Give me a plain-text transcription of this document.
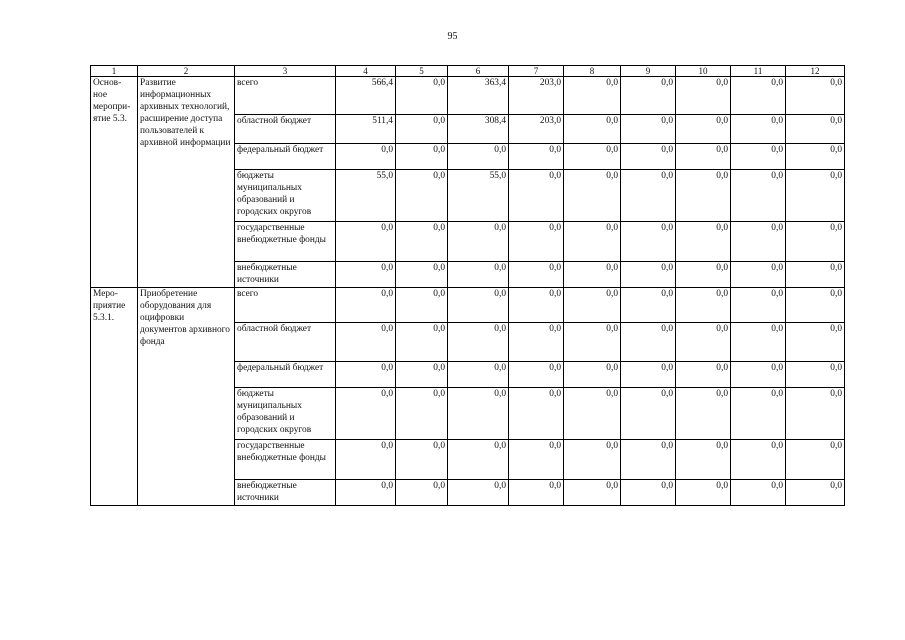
95
1	2	3	4	5	6	7	8	9	10	11	12
Основ-ное меропри-ятие 5.3.	Развитие информационных архивных технологий, расширение доступа пользователей к архивной информации	всего	566,4	0,0	363,4	203,0	0,0	0,0	0,0	0,0	0,0
		областной бюджет	511,4	0,0	308,4	203,0	0,0	0,0	0,0	0,0	0,0
		федеральный бюджет	0,0	0,0	0,0	0,0	0,0	0,0	0,0	0,0	0,0
		бюджеты муниципальных образований и городских округов	55,0	0,0	55,0	0,0	0,0	0,0	0,0	0,0	0,0
		государственные внебюджетные фонды	0,0	0,0	0,0	0,0	0,0	0,0	0,0	0,0	0,0
		внебюджетные источники	0,0	0,0	0,0	0,0	0,0	0,0	0,0	0,0	0,0
Меро-приятие 5.3.1.	Приобретение оборудования для оцифровки документов архивного фонда	всего	0,0	0,0	0,0	0,0	0,0	0,0	0,0	0,0	0,0
		областной бюджет	0,0	0,0	0,0	0,0	0,0	0,0	0,0	0,0	0,0
		федеральный бюджет	0,0	0,0	0,0	0,0	0,0	0,0	0,0	0,0	0,0
		бюджеты муниципальных образований и городских округов	0,0	0,0	0,0	0,0	0,0	0,0	0,0	0,0	0,0
		государственные внебюджетные фонды	0,0	0,0	0,0	0,0	0,0	0,0	0,0	0,0	0,0
		внебюджетные источники	0,0	0,0	0,0	0,0	0,0	0,0	0,0	0,0	0,0
